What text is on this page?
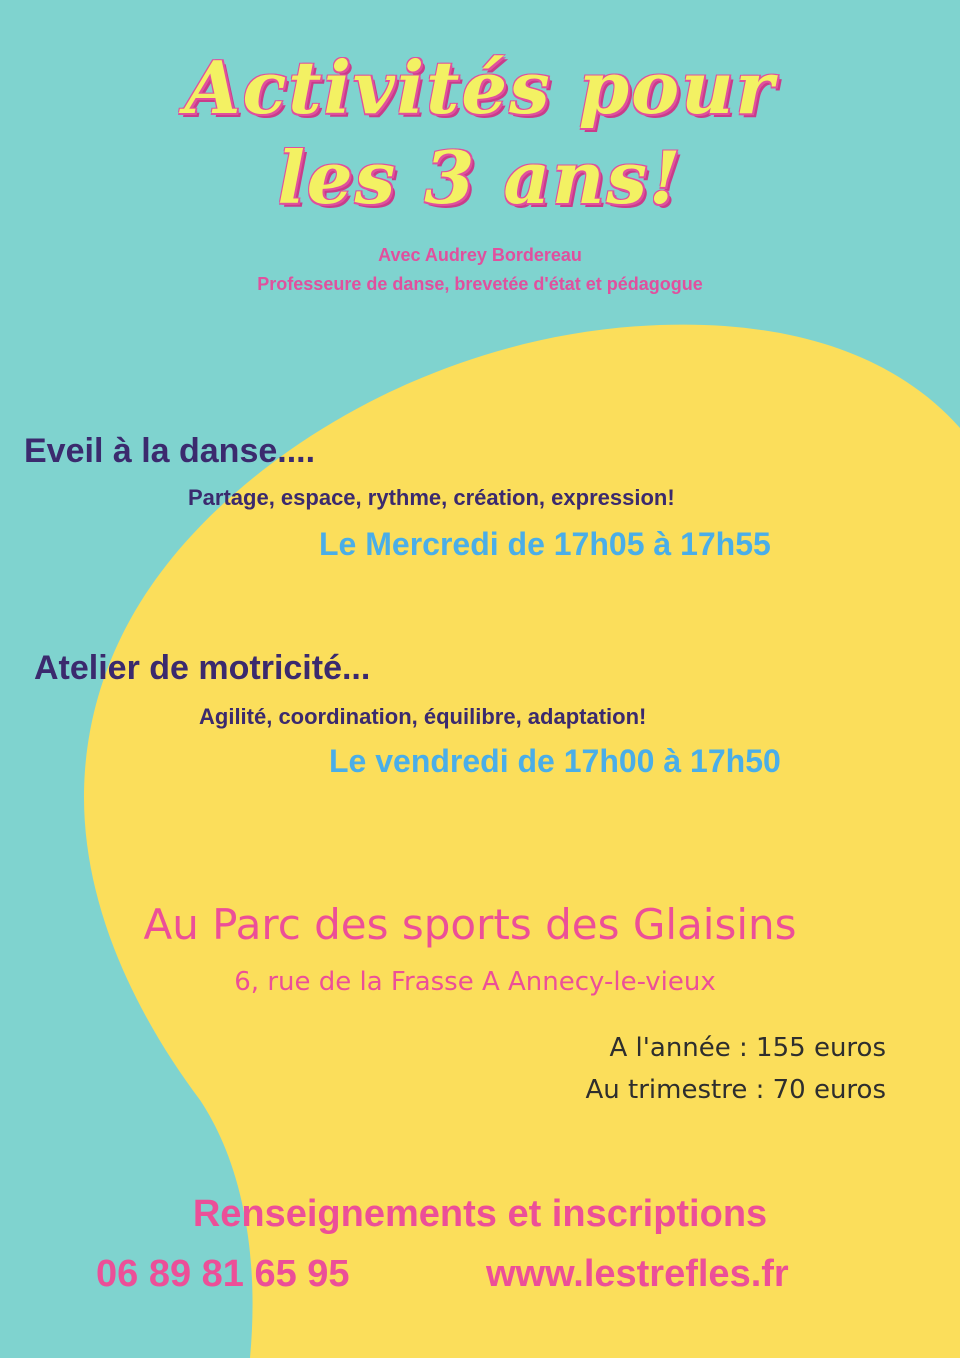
Activités pour
les 3 ans!
Avec Audrey Bordereau
Professeure de danse, brevetée d'état et pédagogue
Eveil à la danse....
Partage, espace, rythme, création, expression!
Le Mercredi de 17h05 à 17h55
Atelier de motricité...
Agilité, coordination, équilibre, adaptation!
Le vendredi de 17h00 à 17h50
Au Parc des sports des Glaisins
6, rue de la Frasse A Annecy-le-vieux
A l'année : 155 euros
Au trimestre : 70 euros
Renseignements et inscriptions
06 89 81 65 95	www.lestrefles.fr
